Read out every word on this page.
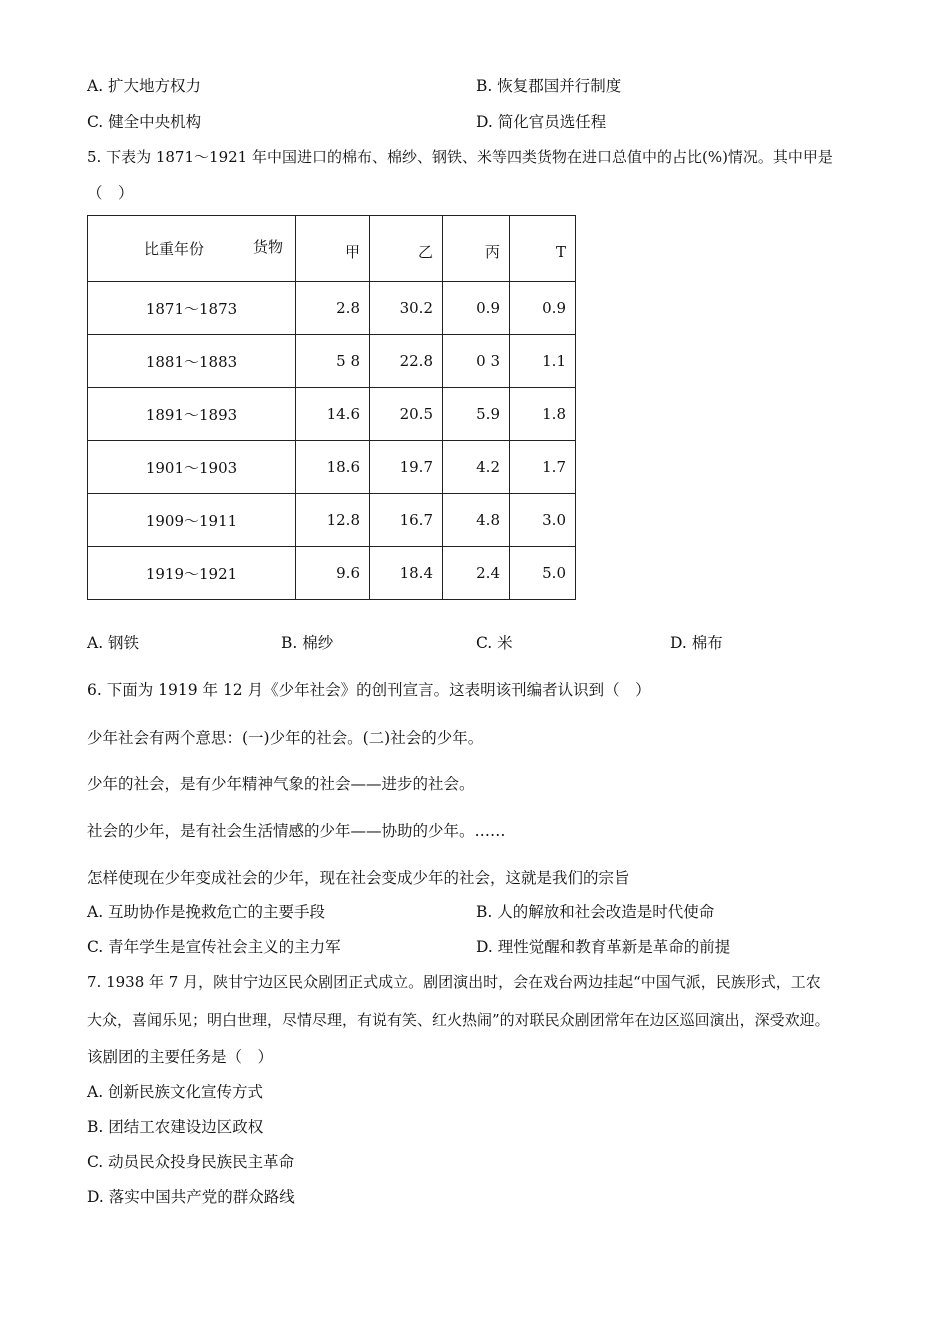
A. 扩大地方权力	B. 恢复郡国并行制度
C. 健全中央机构	D. 简化官员选任程
5. 下表为 1871～1921 年中国进口的棉布、棉纱、钢铁、米等四类货物在进口总值中的占比(%)情况。其中甲是
（　）
比重年份 货物	甲	乙	丙	T
1871～1873	2.8	30.2	0.9	0.9
1881～1883	5 8	22.8	0 3	1.1
1891～1893	14.6	20.5	5.9	1.8
1901～1903	18.6	19.7	4.2	1.7
1909～1911	12.8	16.7	4.8	3.0
1919～1921	9.6	18.4	2.4	5.0
A. 钢铁	B. 棉纱	C. 米	D. 棉布
6. 下面为 1919 年 12 月《少年社会》的创刊宣言。这表明该刊编者认识到（　）
少年社会有两个意思：(一)少年的社会。(二)社会的少年。
少年的社会，是有少年精神气象的社会——进步的社会。
社会的少年，是有社会生活情感的少年——协助的少年。……
怎样使现在少年变成社会的少年，现在社会变成少年的社会，这就是我们的宗旨
A. 互助协作是挽救危亡的主要手段	B. 人的解放和社会改造是时代使命
C. 青年学生是宣传社会主义的主力军	D. 理性觉醒和教育革新是革命的前提
7. 1938 年 7 月，陕甘宁边区民众剧团正式成立。剧团演出时，会在戏台两边挂起“中国气派，民族形式，工农
大众，喜闻乐见；明白世理，尽情尽理，有说有笑、红火热闹”的对联民众剧团常年在边区巡回演出，深受欢迎。
该剧团的主要任务是（　）
A. 创新民族文化宣传方式
B. 团结工农建设边区政权
C. 动员民众投身民族民主革命
D. 落实中国共产党的群众路线
